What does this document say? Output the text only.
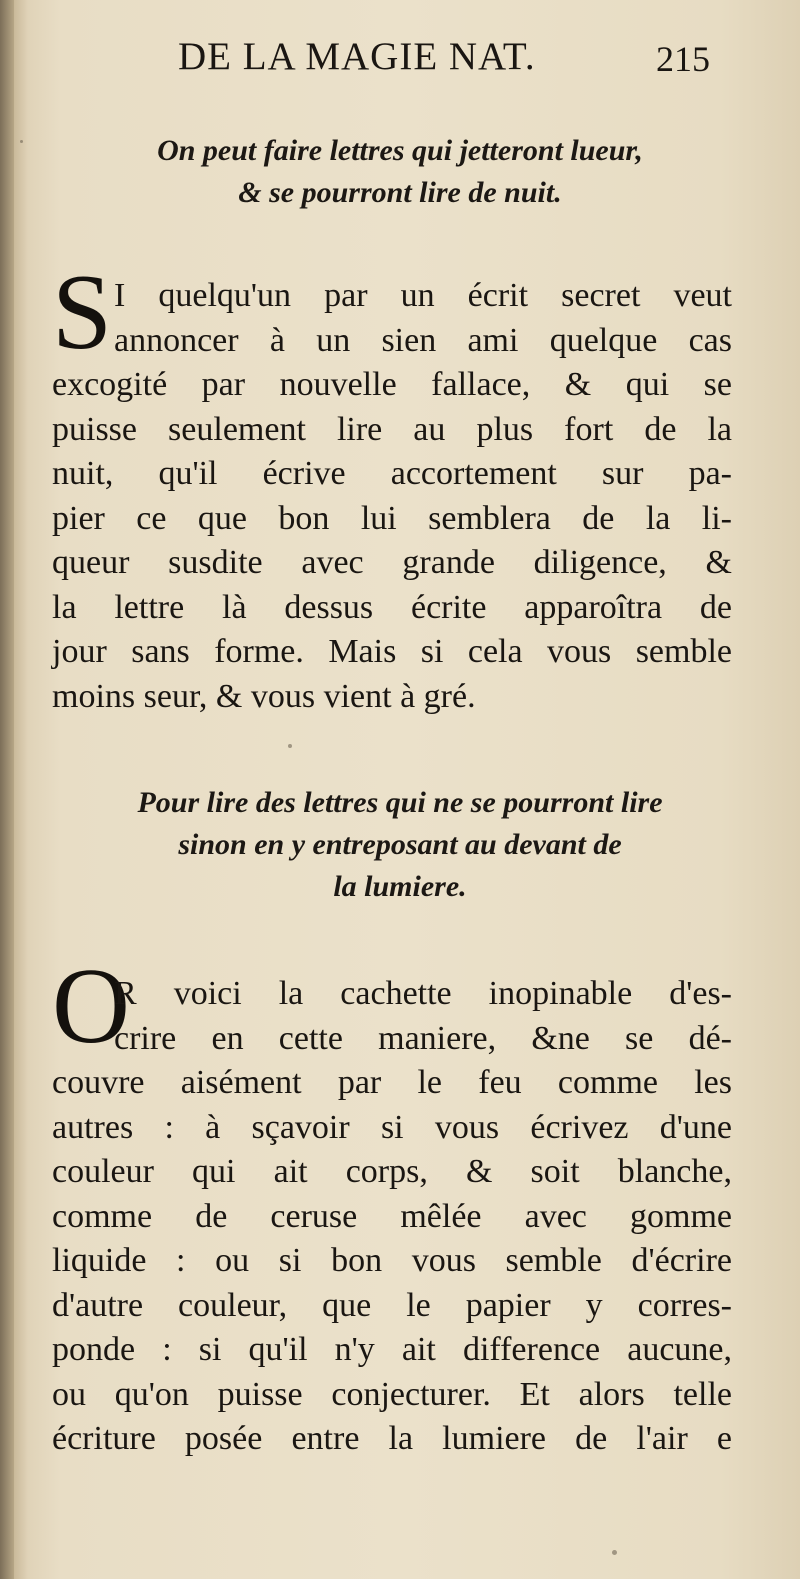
DE LA MAGIE NAT.	215
On peut faire lettres qui jetteront lueur,
& se pourront lire de nuit.
S I quelqu'un par un écrit secret veut
annoncer à un sien ami quelque cas
excogité par nouvelle fallace, & qui se
puisse seulement lire au plus fort de la
nuit, qu'il écrive accortement sur pa-
pier ce que bon lui semblera de la li-
queur susdite avec grande diligence, &
la lettre là dessus écrite apparoîtra de
jour sans forme. Mais si cela vous semble
moins seur, & vous vient à gré.
Pour lire des lettres qui ne se pourront lire
sinon en y entreposant au devant de
la lumiere.
O
R voici la cachette inopinable d'es-
crire en cette maniere, &ne se dé-
couvre aisément par le feu comme les
autres : à sçavoir si vous écrivez d'une
couleur qui ait corps, & soit blanche,
comme de ceruse mêlée avec gomme
liquide : ou si bon vous semble d'écrire
d'autre couleur, que le papier y corres-
ponde : si qu'il n'y ait difference aucune,
ou qu'on puisse conjecturer. Et alors telle
écriture posée entre la lumiere de l'air e
